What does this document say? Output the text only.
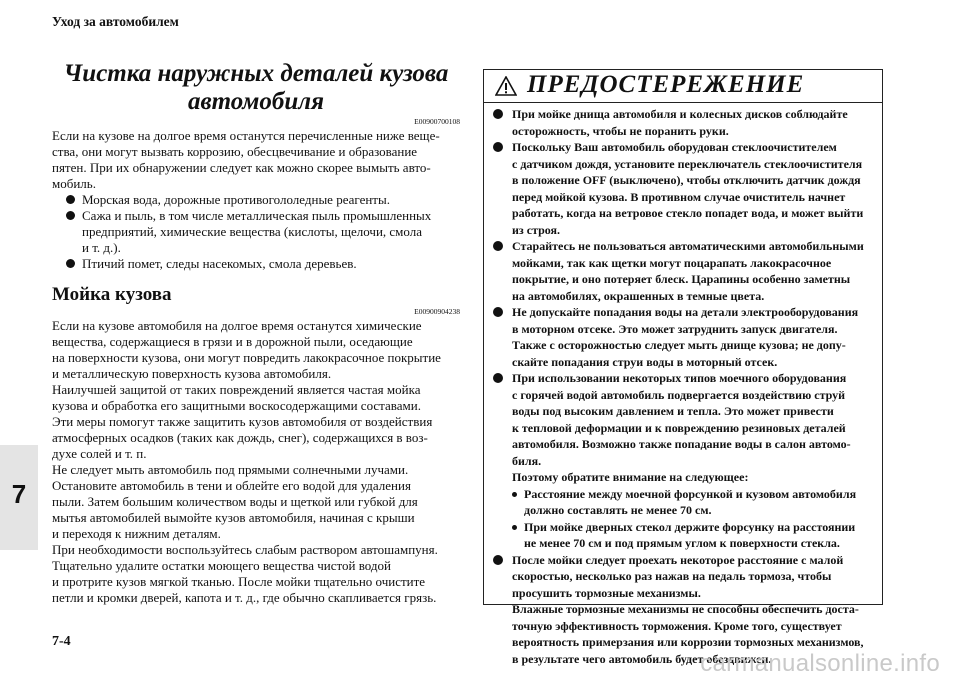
Уход за автомобилем
7
Чистка наружных деталей кузова
автомобиля
E00900700108
Если на кузове на долгое время останутся перечисленные ниже веще-
ства, они могут вызвать коррозию, обесцвечивание и образование
пятен. При их обнаружении следует как можно скорее вымыть авто-
мобиль.
Морская вода, дорожные противогололедные реагенты.
Сажа и пыль, в том числе металлическая пыль промышленных
предприятий, химические вещества (кислоты, щелочи, смола
и т. д.).
Птичий помет, следы насекомых, смола деревьев.
Мойка кузова
E00900904238
Если на кузове автомобиля на долгое время останутся химические
вещества, содержащиеся в грязи и в дорожной пыли, оседающие
на поверхности кузова, они могут повредить лакокрасочное покрытие
и металлическую поверхность кузова автомобиля.
Наилучшей защитой от таких повреждений является частая мойка
кузова и обработка его защитными воскосодержащими составами.
Эти меры помогут также защитить кузов автомобиля от воздействия
атмосферных осадков (таких как дождь, снег), содержащихся в воз-
духе солей и т. п.
Не следует мыть автомобиль под прямыми солнечными лучами.
Остановите автомобиль в тени и облейте его водой для удаления
пыли. Затем большим количеством воды и щеткой или губкой для
мытья автомобилей вымойте кузов автомобиля, начиная с крыши
и переходя к нижним деталям.
При необходимости воспользуйтесь слабым раствором автошампуня.
Тщательно удалите остатки моющего вещества чистой водой
и протрите кузов мягкой тканью. После мойки тщательно очистите
петли и кромки дверей, капота и т. д., где обычно скапливается грязь.
ПРЕДОСТЕРЕЖЕНИЕ
При мойке днища автомобиля и колесных дисков соблюдайте
осторожность, чтобы не поранить руки.
Поскольку Ваш автомобиль оборудован стеклоочистителем
с датчиком дождя, установите переключатель стеклоочистителя
в положение OFF (выключено), чтобы отключить датчик дождя
перед мойкой кузова. В противном случае очиститель начнет
работать, когда на ветровое стекло попадет вода, и может выйти
из строя.
Старайтесь не пользоваться автоматическими автомобильными
мойками, так как щетки могут поцарапать лакокрасочное
покрытие, и оно потеряет блеск. Царапины особенно заметны
на автомобилях, окрашенных в темные цвета.
Не допускайте попадания воды на детали электрооборудования
в моторном отсеке. Это может затруднить запуск двигателя.
Также с осторожностью следует мыть днище кузова; не допу-
скайте попадания струи воды в моторный отсек.
При использовании некоторых типов моечного оборудования
с горячей водой автомобиль подвергается воздействию струй
воды под высоким давлением и тепла. Это может привести
к тепловой деформации и к повреждению резиновых деталей
автомобиля. Возможно также попадание воды в салон автомо-
биля.
Поэтому обратите внимание на следующее:
Расстояние между моечной форсункой и кузовом автомобиля
должно составлять не менее 70 см.
При мойке дверных стекол держите форсунку на расстоянии
не менее 70 см и под прямым углом к поверхности стекла.
После мойки следует проехать некоторое расстояние с малой
скоростью, несколько раз нажав на педаль тормоза, чтобы
просушить тормозные механизмы.
Влажные тормозные механизмы не способны обеспечить доста-
точную эффективность торможения. Кроме того, существует
вероятность примерзания или коррозии тормозных механизмов,
в результате чего автомобиль будет обездвижен.
7-4
carmanualsonline.info
